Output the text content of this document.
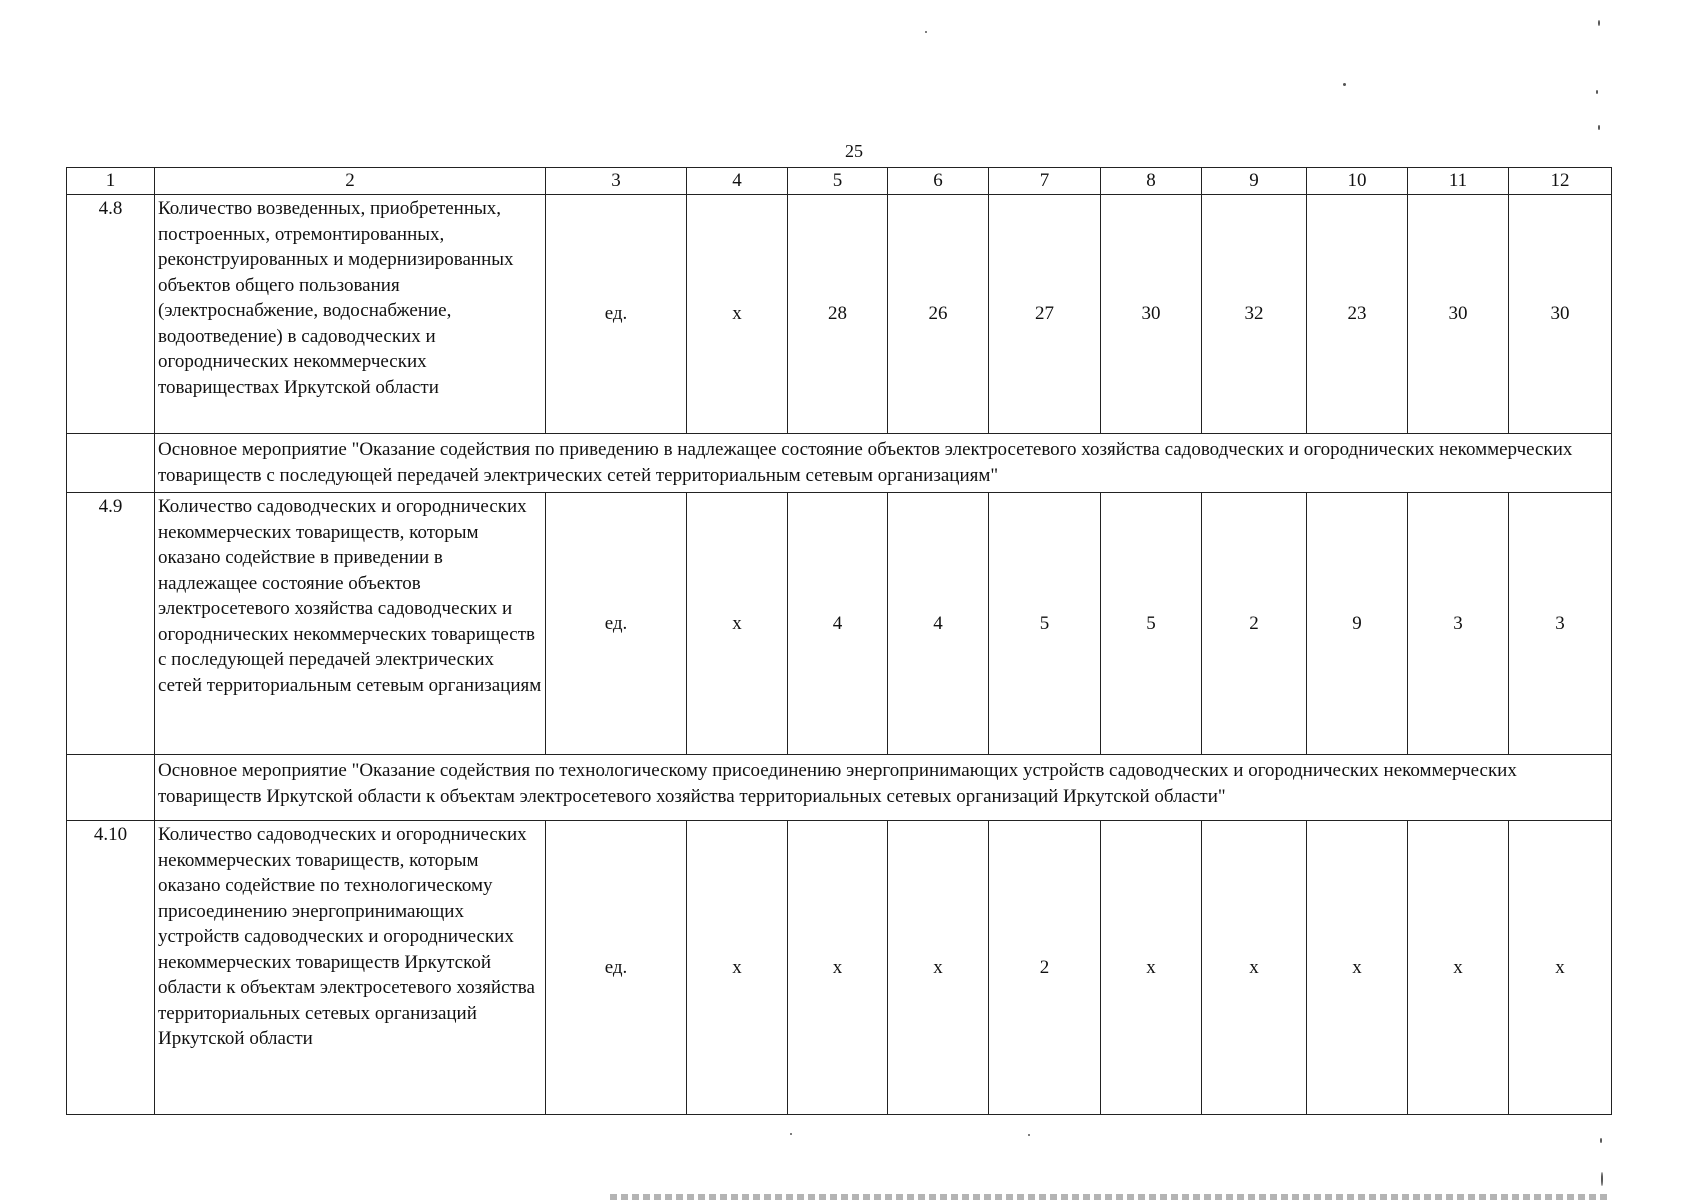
25
1	2	3	4	5	6	7	8	9	10	11	12
4.8	Количество возведенных, приобретенных, построенных, отремонтированных, реконструированных и модернизированных объектов общего пользования (электроснабжение, водоснабжение, водоотведение) в садоводческих и огороднических некоммерческих товариществах Иркутской области	ед.	x	28	26	27	30	32	23	30	30
	Основное мероприятие "Оказание содействия по приведению в надлежащее состояние объектов электросетевого хозяйства садоводческих и огороднических некоммерческих товариществ с последующей передачей электрических сетей территориальным сетевым организациям"										
4.9	Количество садоводческих и огороднических некоммерческих товариществ, которым оказано содействие в приведении в надлежащее состояние объектов электросетевого хозяйства садоводческих и огороднических некоммерческих товариществ с последующей передачей электрических сетей территориальным сетевым организациям	ед.	x	4	4	5	5	2	9	3	3
	Основное мероприятие "Оказание содействия по технологическому присоединению энергопринимающих устройств садоводческих и огороднических некоммерческих товариществ Иркутской области к объектам электросетевого хозяйства территориальных сетевых организаций Иркутской области"										
4.10	Количество садоводческих и огороднических некоммерческих товариществ, которым оказано содействие по технологическому присоединению энергопринимающих устройств садоводческих и огороднических некоммерческих товариществ Иркутской области к объектам электросетевого хозяйства территориальных сетевых организаций Иркутской области	ед.	x	x	x	2	x	x	x	x	x
